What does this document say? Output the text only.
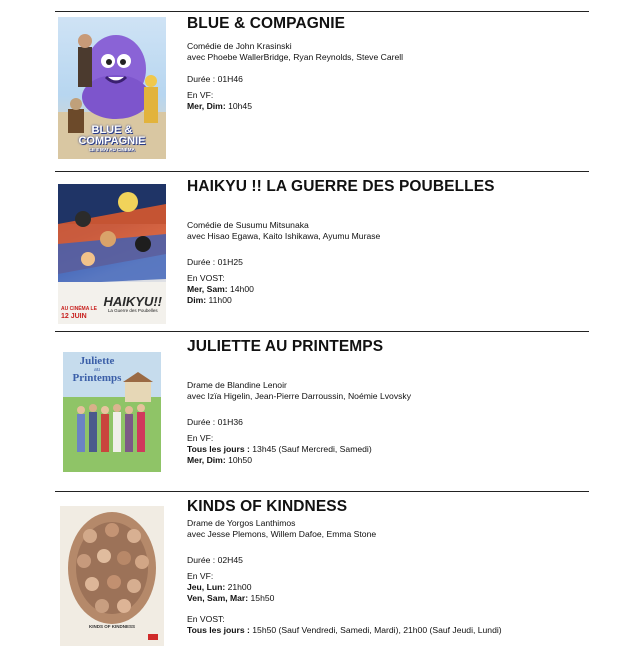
BLUE &
COMPAGNIE
LE 8 MAI AU CINÉMA
BLUE & COMPAGNIE
Comédie de John Krasinski
avec Phoebe WallerBridge, Ryan Reynolds, Steve Carell
Durée : 01H46
En VF:
Mer, Dim: 10h45
AU CINÉMA LE
12 JUIN
HAIKYU!!
La Guerre des Poubelles
HAIKYU !! LA GUERRE DES POUBELLES
Comédie de Susumu Mitsunaka
avec Hisao Egawa, Kaito Ishikawa, Ayumu Murase
Durée : 01H25
En VOST:
Mer, Sam: 14h00
Dim: 11h00
Juliette
au
Printemps
JULIETTE AU PRINTEMPS
Drame de Blandine Lenoir
avec Izïa Higelin, Jean-Pierre Darroussin, Noémie Lvovsky
Durée : 01H36
En VF:
Tous les jours : 13h45 (Sauf Mercredi, Samedi)
Mer, Dim: 10h50
KINDS OF KINDNESS
KINDS OF KINDNESS
Drame de Yorgos Lanthimos
avec Jesse Plemons, Willem Dafoe, Emma Stone
Durée : 02H45
En VF:
Jeu, Lun: 21h00
Ven, Sam, Mar: 15h50
En VOST:
Tous les jours : 15h50 (Sauf Vendredi, Samedi, Mardi), 21h00 (Sauf Jeudi, Lundi)
